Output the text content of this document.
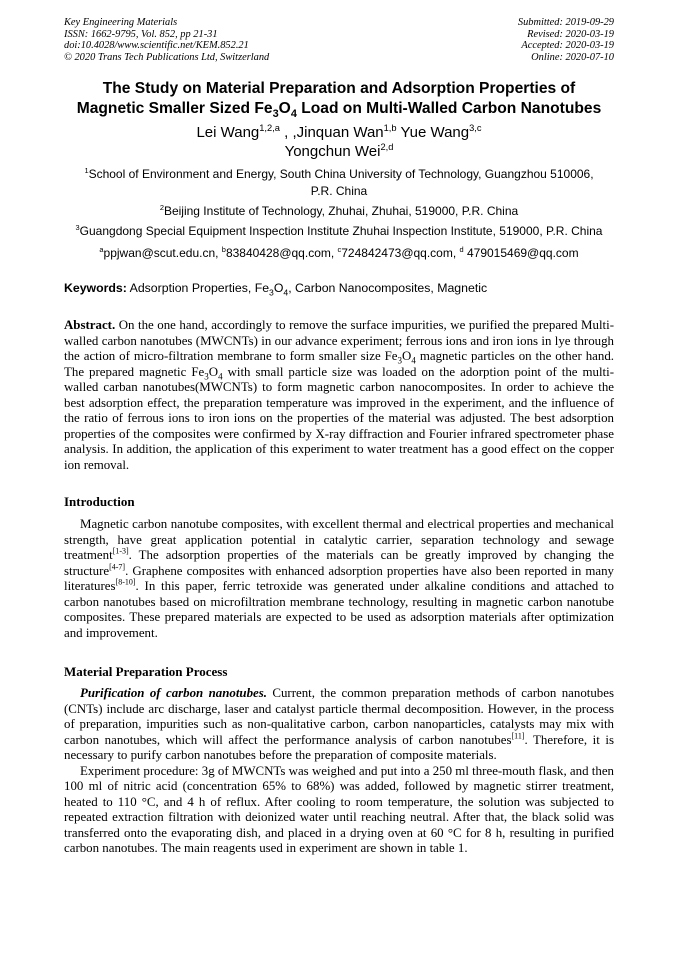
Key Engineering Materials
ISSN: 1662-9795, Vol. 852, pp 21-31
doi:10.4028/www.scientific.net/KEM.852.21
© 2020 Trans Tech Publications Ltd, Switzerland
Submitted: 2019-09-29
Revised: 2020-03-19
Accepted: 2020-03-19
Online: 2020-07-10
The Study on Material Preparation and Adsorption Properties of
Magnetic Smaller Sized $Fe_3O_4$ Load on Multi-Walled Carbon Nanotubes
Lei Wang$^{1,2,a}$ , ,Jinquan Wan$^{1,b}$ Yue Wang$^{3,c}$
Yongchun Wei$^{2,d}$
$^1$School of Environment and Energy, South China University of Technology, Guangzhou 510006,
P.R. China
$^2$Beijing Institute of Technology, Zhuhai, Zhuhai, 519000, P.R. China
$^3$Guangdong Special Equipment Inspection Institute Zhuhai Inspection Institute, 519000, P.R. China
$^a$ppjwan@scut.edu.cn, $^b$83840428@qq.com, $^c$724842473@qq.com, $^d$ 479015469@qq.com
Keywords: Adsorption Properties, $Fe_3O_4$, Carbon Nanocomposites, Magnetic

Abstract. On the one hand, accordingly to remove the surface impurities, we purified the prepared Multi-walled carbon nanotubes (MWCNTs) in our advance experiment; ferrous ions and iron ions in lye through the action of micro-filtration membrane to form smaller size $Fe_3O_4$ magnetic particles on the other hand. The prepared magnetic $Fe_3O_4$ with small particle size was loaded on the adorption point of the multi-walled carban nanotubes(MWCNTs) to form magnetic carbon nanocomposites. In order to achieve the best adsorption effect, the preparation temperature was improved in the experiment, and the influence of the ratio of ferrous ions to iron ions on the properties of the material was adjusted. The best adsorption properties of the composites were confirmed by X-ray diffraction and Fourier infrared spectrometer phase analysis. In addition, the application of this experiment to water treatment has a good effect on the copper ion removal.

Introduction

Magnetic carbon nanotube composites, with excellent thermal and electrical properties and mechanical strength, have great application potential in catalytic carrier, separation technology and sewage treatment[1-3]. The adsorption properties of the materials can be greatly improved by changing the structure[4-7]. Graphene composites with enhanced adsorption properties have also been reported in many literatures[8-10]. In this paper, ferric tetroxide was generated under alkaline conditions and attached to carbon nanotubes based on microfiltration membrane technology, resulting in magnetic carbon nanotube composites. These prepared materials are expected to be used as adsorption materials after optimization and improvement.

Material Preparation Process

Purification of carbon nanotubes. Current, the common preparation methods of carbon nanotubes (CNTs) include arc discharge, laser and catalyst particle thermal decomposition. However, in the process of preparation, impurities such as non-qualitative carbon, carbon nanoparticles, catalysts may mix with carbon nanotubes, which will affect the performance analysis of carbon nanotubes[11]. Therefore, it is necessary to purify carbon nanotubes before the preparation of composite materials.

Experiment procedure: 3g of MWCNTs was weighed and put into a 250 ml three-mouth flask, and then 100 ml of nitric acid (concentration 65% to 68%) was added, followed by magnetic stirrer treatment, heated to 110 °C, and 4 h of reflux. After cooling to room temperature, the solution was subjected to repeated extraction filtration with deionized water until reaching neutral. After that, the black solid was transferred onto the evaporating dish, and placed in a drying oven at 60 °C for 8 h, resulting in purified carbon nanotubes. The main reagents used in experiment are shown in table 1.
